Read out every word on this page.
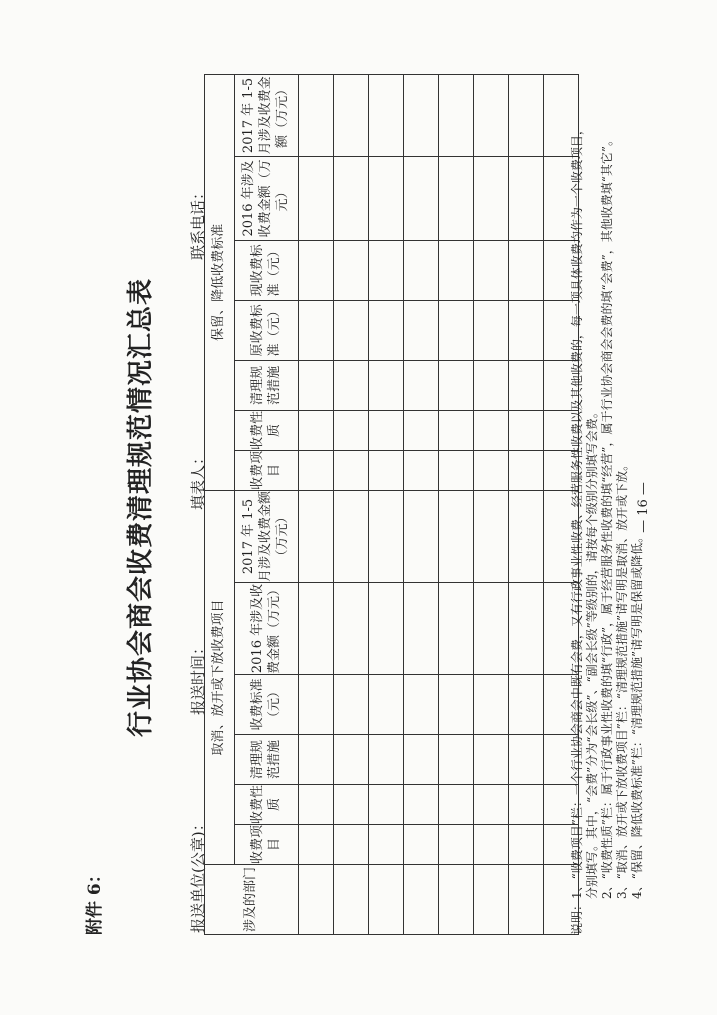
附件 6：
行业协会商会收费清理规范情况汇总表
报送单位(公章)：
报送时间：
填表人：
联系电话：
涉及的部门	取消、放开或下放收费项目						保留、降低收费标准						
	收费项目	收费性质	清理规范措施	收费标准（元）	2016 年涉及收费金额（万元）	2017 年 1-5 月涉及收费金额（万元）	收费项目	收费性质	清理规范措施	原收费标准（元）	现收费标准（元）	2016 年涉及收费金额（万元）	2017 年 1-5 月涉及收费金额（万元）

说明：1、“收费项目”栏：一个行业协会商会中既有会费，又有行政事业性收费、经营服务性收费以及其他收费的，每一项具体收费均作为一个收费项目， 分别填写。其中，“会费”分为“会长级”、“副会长级”等级别的，请按每个级别分别填写会费。 2、“收费性质”栏：属于行政事业性收费的填“行政”，属于经营服务性收费的填“经营”，属于行业协会商会会费的填“会费”，其他收费填“其它”。 3、“取消、放开或下放收费项目”栏：“清理规范措施”请写明是取消、放开或下放。 4、“保留、降低收费标准”栏：“清理规范措施”请写明是保留或降低。
— 16 —
